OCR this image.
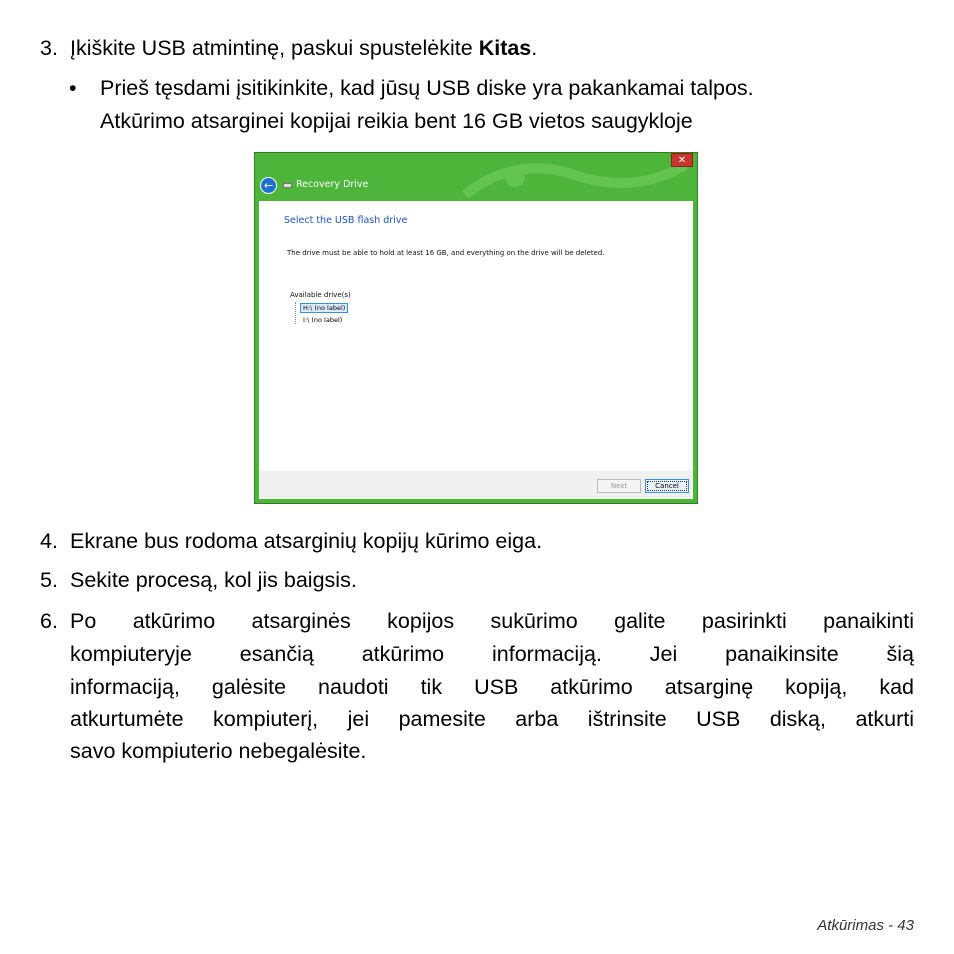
3. Įkiškite USB atmintinę, paskui spustelėkite Kitas.
• Prieš tęsdami įsitikinkite, kad jūsų USB diske yra pakankamai talpos.
Atkūrimo atsarginei kopijai reikia bent 16 GB vietos saugykloje
✕
←	Recovery Drive
Select the USB flash drive
The drive must be able to hold at least 16 GB, and everything on the drive will be deleted.
Available drive(s)
H:\ (no label)
I:\ (no label)
Next	Cancel
4. Ekrane bus rodoma atsarginių kopijų kūrimo eiga.
5. Sekite procesą, kol jis baigsis.
6. Po atkūrimo atsarginės kopijos sukūrimo galite pasirinkti panaikinti
kompiuteryje esančią atkūrimo informaciją. Jei panaikinsite šią
informaciją, galėsite naudoti tik USB atkūrimo atsarginę kopiją, kad
atkurtumėte kompiuterį, jei pamesite arba ištrinsite USB diską, atkurti
savo kompiuterio nebegalėsite.
Atkūrimas - 43
